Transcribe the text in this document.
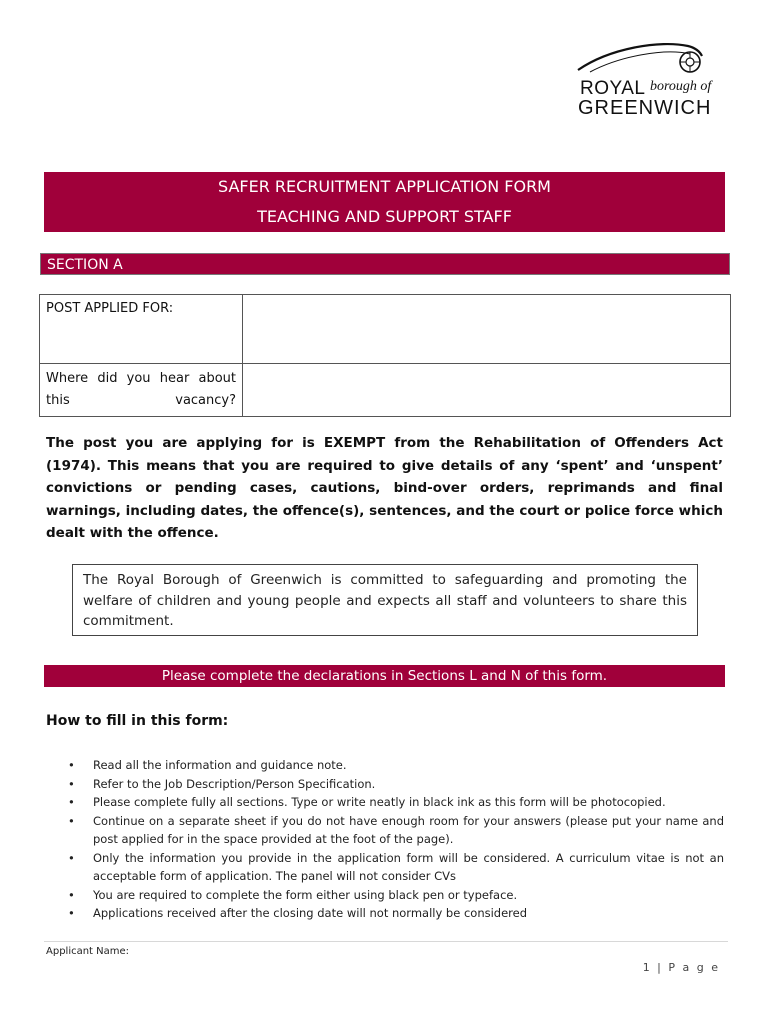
ROYAL borough of
GREENWICH
SAFER RECRUITMENT APPLICATION FORM
TEACHING AND SUPPORT STAFF
SECTION A
POST APPLIED FOR:	
Where did you hear about this vacancy?	
The post you are applying for is EXEMPT from the Rehabilitation of Offenders Act (1974). This means that you are required to give details of any ‘spent’ and ‘unspent’ convictions or pending cases, cautions, bind-over orders, reprimands and final warnings, including dates, the offence(s), sentences, and the court or police force which dealt with the offence.
The Royal Borough of Greenwich is committed to safeguarding and promoting the welfare of children and young people and expects all staff and volunteers to share this commitment.
Please complete the declarations in Sections L and N of this form.
How to fill in this form:
• Read all the information and guidance note.
• Refer to the Job Description/Person Specification.
• Please complete fully all sections. Type or write neatly in black ink as this form will be photocopied.
• Continue on a separate sheet if you do not have enough room for your answers (please put your name and post applied for in the space provided at the foot of the page).
• Only the information you provide in the application form will be considered. A curriculum vitae is not an acceptable form of application. The panel will not consider CVs
• You are required to complete the form either using black pen or typeface.
• Applications received after the closing date will not normally be considered
Applicant Name:
1 | P a g e
